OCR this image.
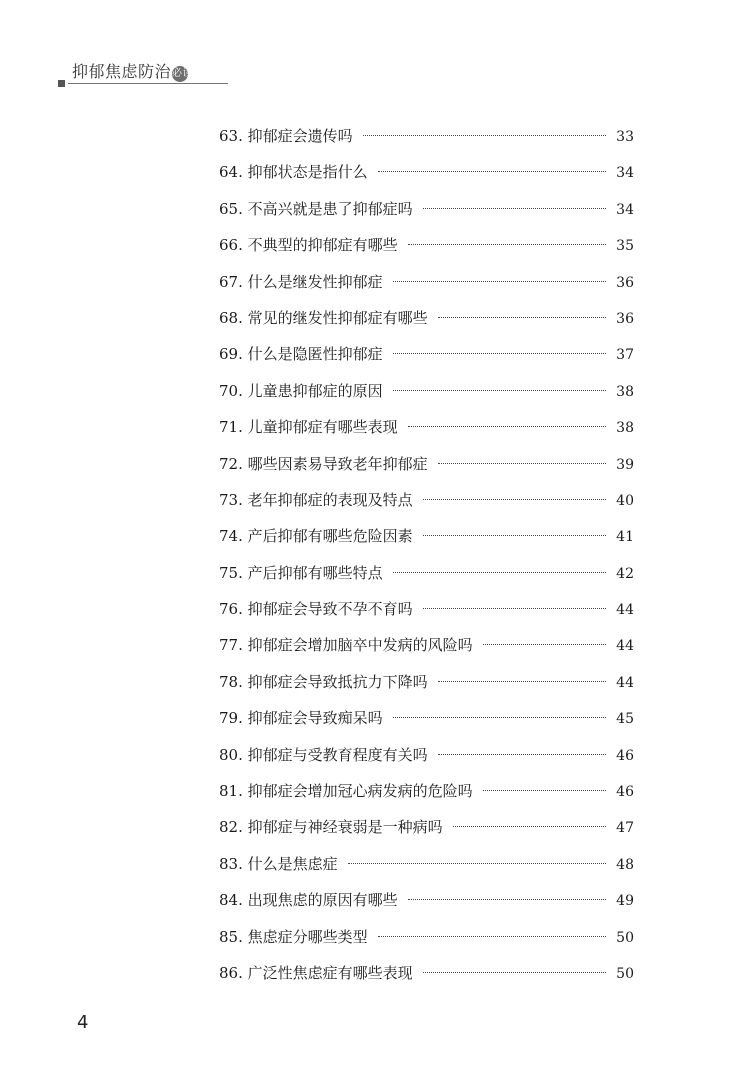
抑郁焦虑防治必读
63. 抑郁症会遗传吗	33
64. 抑郁状态是指什么	34
65. 不高兴就是患了抑郁症吗	34
66. 不典型的抑郁症有哪些	35
67. 什么是继发性抑郁症	36
68. 常见的继发性抑郁症有哪些	36
69. 什么是隐匿性抑郁症	37
70. 儿童患抑郁症的原因	38
71. 儿童抑郁症有哪些表现	38
72. 哪些因素易导致老年抑郁症	39
73. 老年抑郁症的表现及特点	40
74. 产后抑郁有哪些危险因素	41
75. 产后抑郁有哪些特点	42
76. 抑郁症会导致不孕不育吗	44
77. 抑郁症会增加脑卒中发病的风险吗	44
78. 抑郁症会导致抵抗力下降吗	44
79. 抑郁症会导致痴呆吗	45
80. 抑郁症与受教育程度有关吗	46
81. 抑郁症会增加冠心病发病的危险吗	46
82. 抑郁症与神经衰弱是一种病吗	47
83. 什么是焦虑症	48
84. 出现焦虑的原因有哪些	49
85. 焦虑症分哪些类型	50
86. 广泛性焦虑症有哪些表现	50
4
